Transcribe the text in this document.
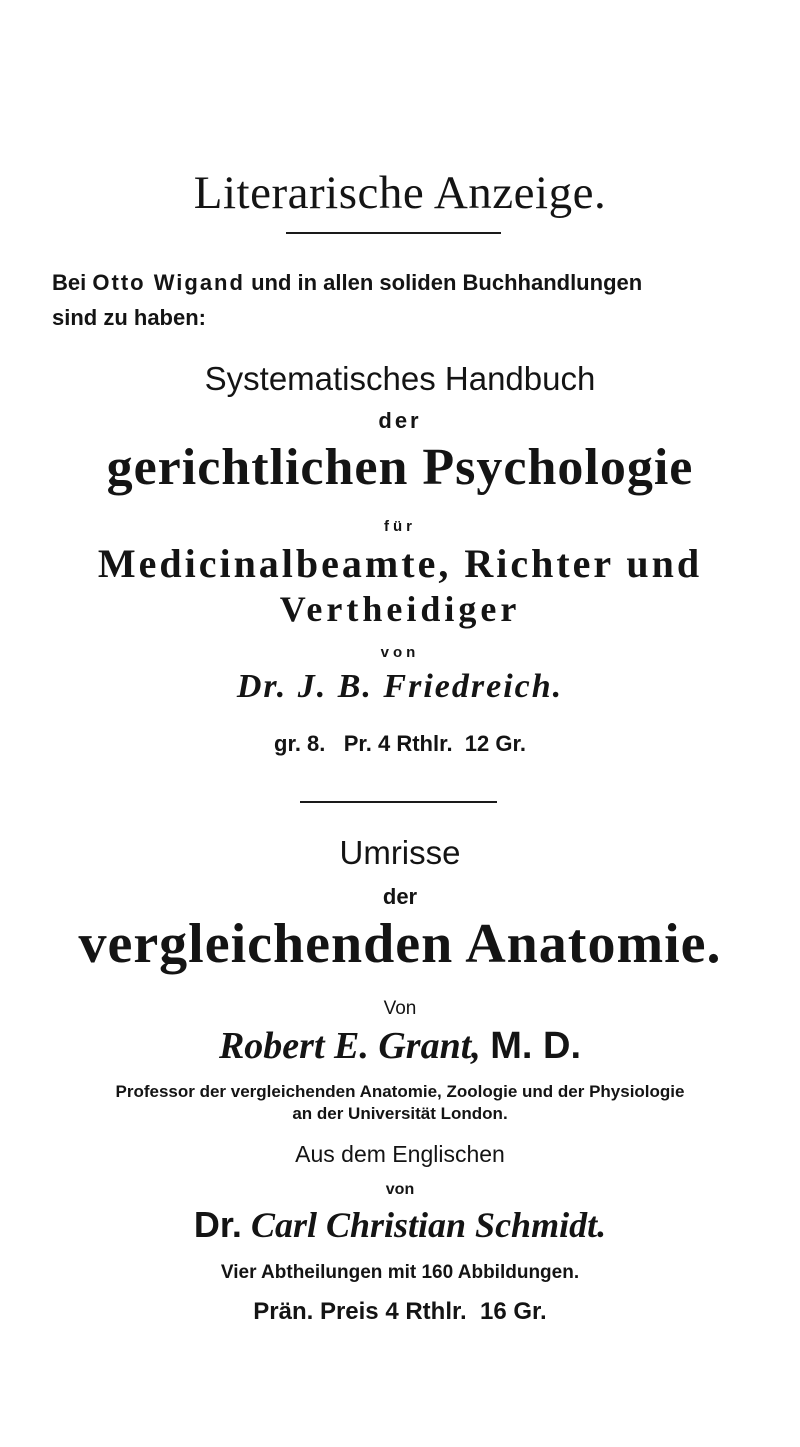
Literarische Anzeige.
Bei Otto Wigand und in allen soliden Buchhandlungen
sind zu haben:
Systematisches Handbuch
der
gerichtlichen Psychologie
für
Medicinalbeamte, Richter und
Vertheidiger
von
Dr. J. B. Friedreich.
gr. 8.   Pr. 4 Rthlr.  12 Gr.
Umrisse
der
vergleichenden Anatomie.
Von
Robert E. Grant, M. D.
Professor der vergleichenden Anatomie, Zoologie und der Physiologie
an der Universität London.
Aus dem Englischen
von
Dr. Carl Christian Schmidt.
Vier Abtheilungen mit 160 Abbildungen.
Prän. Preis 4 Rthlr.  16 Gr.
